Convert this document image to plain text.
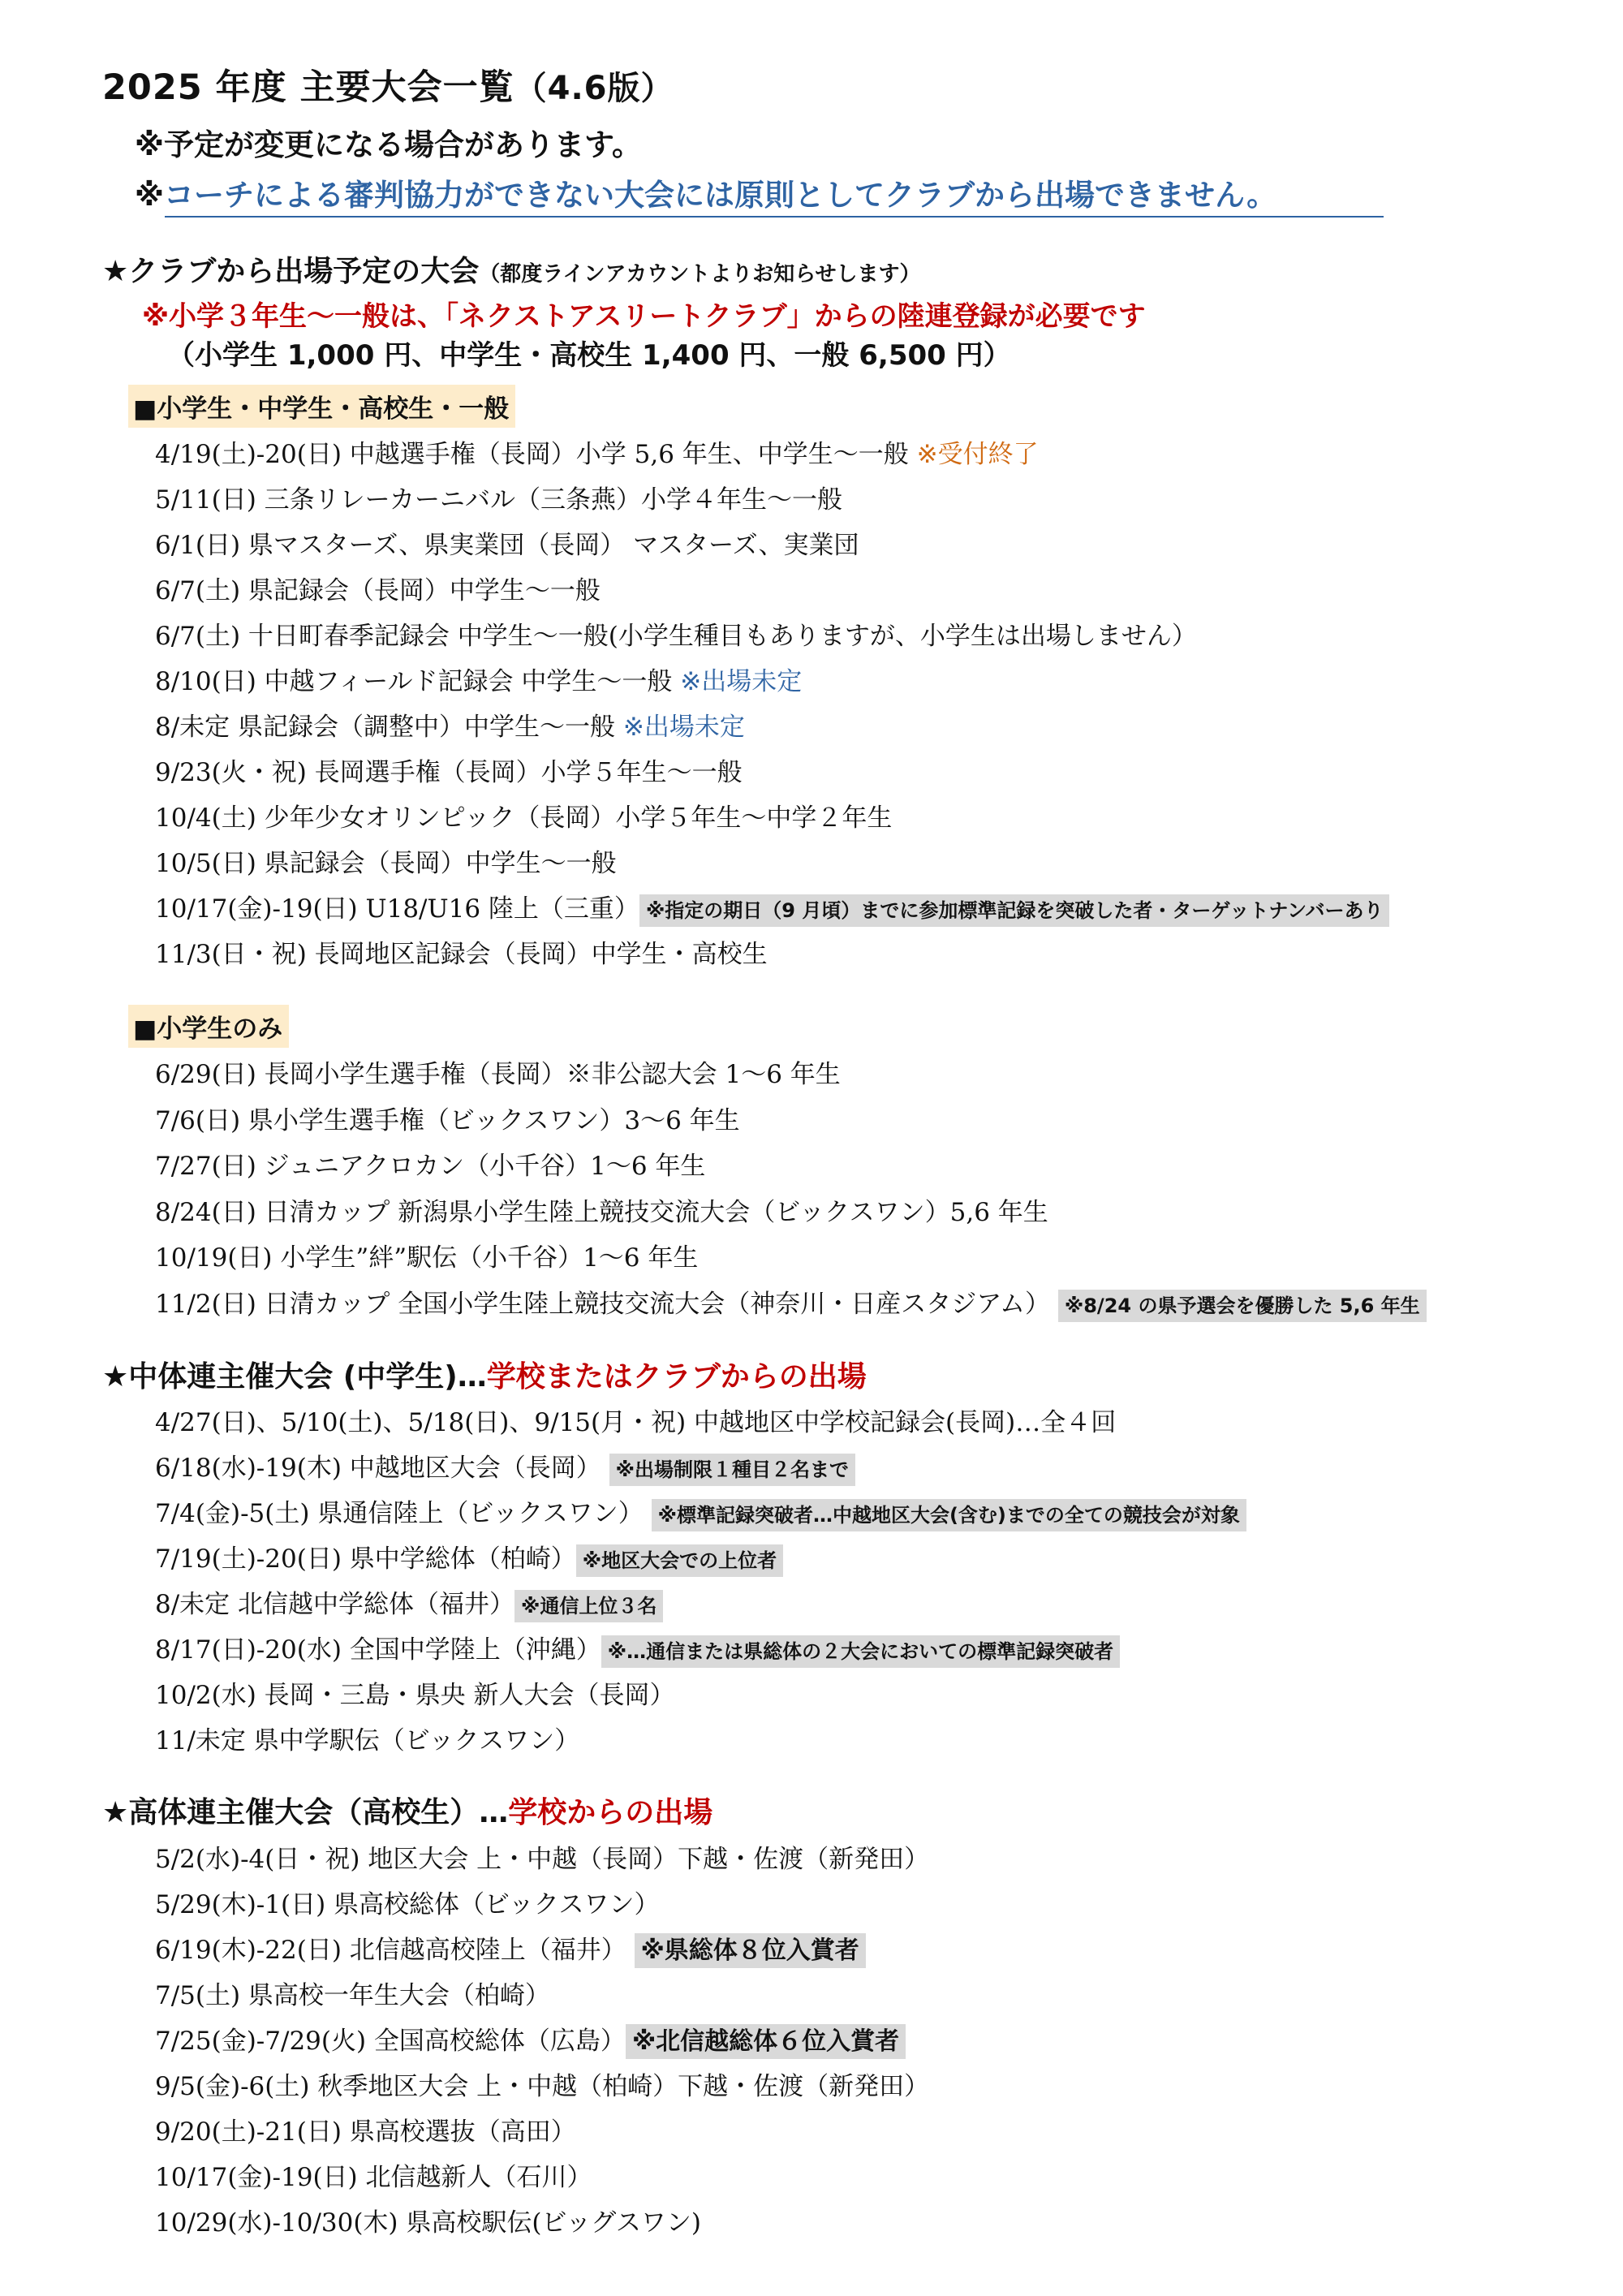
2025 年度 主要大会一覧（4.6版）
※予定が変更になる場合があります。
※コーチによる審判協力ができない大会には原則としてクラブから出場できません。
★クラブから出場予定の大会（都度ラインアカウントよりお知らせします）
※小学３年生〜一般は、「ネクストアスリートクラブ」からの陸連登録が必要です
（小学生 1,000 円、中学生・高校生 1,400 円、一般 6,500 円）
■小学生・中学生・高校生・一般
4/19(土)-20(日) 中越選手権（長岡）小学 5,6 年生、中学生〜一般 ※受付終了
5/11(日) 三条リレーカーニバル（三条燕）小学４年生〜一般
6/1(日) 県マスターズ、県実業団（長岡） マスターズ、実業団
6/7(土) 県記録会（長岡）中学生〜一般
6/7(土) 十日町春季記録会 中学生〜一般(小学生種目もありますが、小学生は出場しません）
8/10(日) 中越フィールド記録会 中学生〜一般 ※出場未定
8/未定 県記録会（調整中）中学生〜一般 ※出場未定
9/23(火・祝) 長岡選手権（長岡）小学５年生〜一般
10/4(土) 少年少女オリンピック（長岡）小学５年生〜中学２年生
10/5(日) 県記録会（長岡）中学生〜一般
10/17(金)-19(日) U18/U16 陸上（三重） ※指定の期日（9 月頃）までに参加標準記録を突破した者・ターゲットナンバーあり
11/3(日・祝) 長岡地区記録会（長岡）中学生・高校生
■小学生のみ
6/29(日) 長岡小学生選手権（長岡）※非公認大会 1〜6 年生
7/6(日) 県小学生選手権（ビックスワン）3〜6 年生
7/27(日) ジュニアクロカン（小千谷）1〜6 年生
8/24(日) 日清カップ 新潟県小学生陸上競技交流大会（ビックスワン）5,6 年生
10/19(日) 小学生”絆”駅伝（小千谷）1〜6 年生
11/2(日) 日清カップ 全国小学生陸上競技交流大会（神奈川・日産スタジアム） ※8/24 の県予選会を優勝した 5,6 年生
★中体連主催大会 (中学生)…学校またはクラブからの出場
4/27(日)、5/10(土)、5/18(日)、9/15(月・祝) 中越地区中学校記録会(長岡)…全４回
6/18(水)-19(木) 中越地区大会（長岡） ※出場制限１種目２名まで
7/4(金)-5(土) 県通信陸上（ビックスワン） ※標準記録突破者…中越地区大会(含む)までの全ての競技会が対象
7/19(土)-20(日) 県中学総体（柏崎） ※地区大会での上位者
8/未定 北信越中学総体（福井） ※通信上位３名
8/17(日)-20(水) 全国中学陸上（沖縄） ※…通信または県総体の２大会においての標準記録突破者
10/2(水) 長岡・三島・県央 新人大会（長岡）
11/未定 県中学駅伝（ビックスワン）
★高体連主催大会（高校生）…学校からの出場
5/2(水)-4(日・祝) 地区大会 上・中越（長岡）下越・佐渡（新発田）
5/29(木)-1(日) 県高校総体（ビックスワン）
6/19(木)-22(日) 北信越高校陸上（福井） ※県総体８位入賞者
7/5(土) 県高校一年生大会（柏崎）
7/25(金)-7/29(火) 全国高校総体（広島） ※北信越総体６位入賞者
9/5(金)-6(土) 秋季地区大会 上・中越（柏崎）下越・佐渡（新発田）
9/20(土)-21(日) 県高校選抜（高田）
10/17(金)-19(日) 北信越新人（石川）
10/29(水)-10/30(木) 県高校駅伝(ビッグスワン)
